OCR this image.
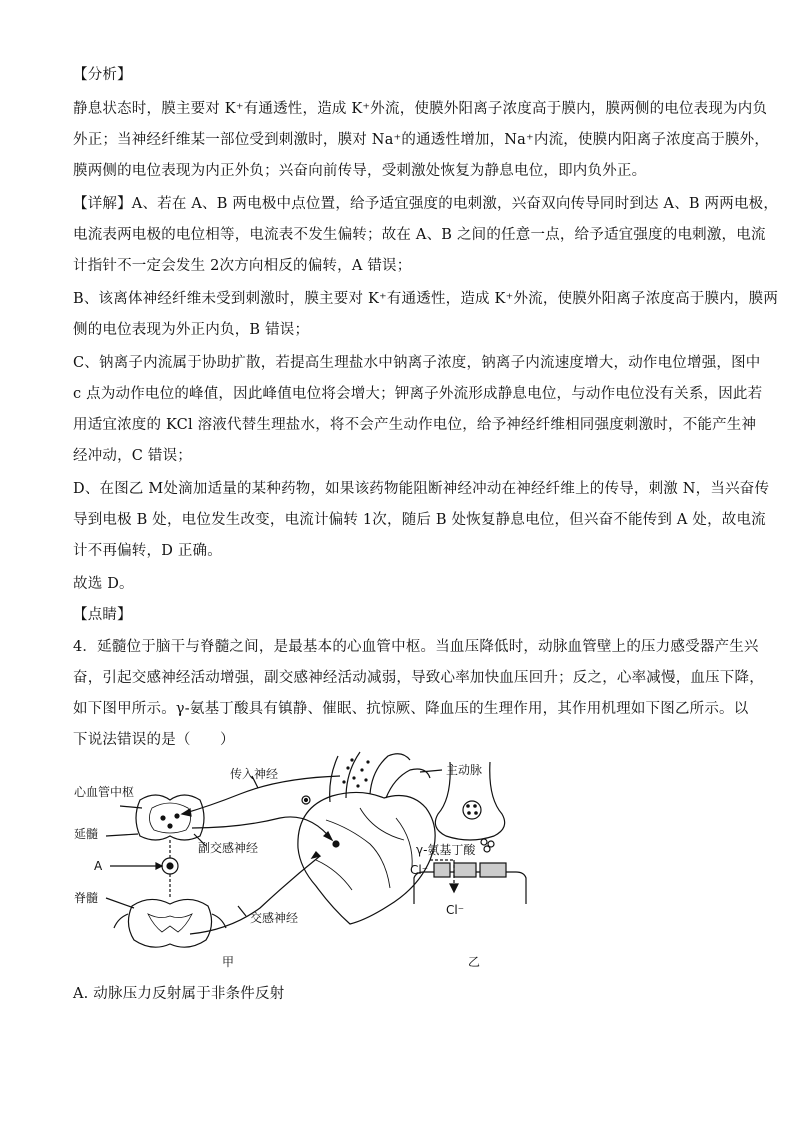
【分析】
静息状态时，膜主要对 K⁺有通透性，造成 K⁺外流，使膜外阳离子浓度高于膜内，膜两侧的电位表现为内负
外正；当神经纤维某一部位受到刺激时，膜对 Na⁺的通透性增加，Na⁺内流，使膜内阳离子浓度高于膜外，
膜两侧的电位表现为内正外负；兴奋向前传导，受刺激处恢复为静息电位，即内负外正。
【详解】A、若在 A、B 两电极中点位置，给予适宜强度的电刺激，兴奋双向传导同时到达 A、B 两两电极，
电流表两电极的电位相等，电流表不发生偏转；故在 A、B 之间的任意一点，给予适宜强度的电刺激，电流
计指针不一定会发生 2次方向相反的偏转，A 错误；
B、该离体神经纤维未受到刺激时，膜主要对 K⁺有通透性，造成 K⁺外流，使膜外阳离子浓度高于膜内，膜两
侧的电位表现为外正内负，B 错误；
C、钠离子内流属于协助扩散，若提高生理盐水中钠离子浓度，钠离子内流速度增大，动作电位增强，图中
c 点为动作电位的峰值，因此峰值电位将会增大；钾离子外流形成静息电位，与动作电位没有关系，因此若
用适宜浓度的 KCl 溶液代替生理盐水，将不会产生动作电位，给予神经纤维相同强度刺激时，不能产生神
经冲动，C 错误；
D、在图乙 M处滴加适量的某种药物，如果该药物能阻断神经冲动在神经纤维上的传导，刺激 N，当兴奋传
导到电极 B 处，电位发生改变，电流计偏转 1次，随后 B 处恢复静息电位，但兴奋不能传到 A 处，故电流
计不再偏转，D 正确。
故选 D。
【点睛】
4．延髓位于脑干与脊髓之间，是最基本的心血管中枢。当血压降低时，动脉血管壁上的压力感受器产生兴
奋，引起交感神经活动增强，副交感神经活动减弱，导致心率加快血压回升；反之，心率减慢，血压下降，
如下图甲所示。γ-氨基丁酸具有镇静、催眠、抗惊厥、降血压的生理作用，其作用机理如下图乙所示。以
下说法错误的是（　　）
心血管中枢
延髓
A
脊髓
传入神经
副交感神经
交感神经
主动脉
甲
γ-氨基丁酸
Cl⁻
Cl⁻
乙
A. 动脉压力反射属于非条件反射
